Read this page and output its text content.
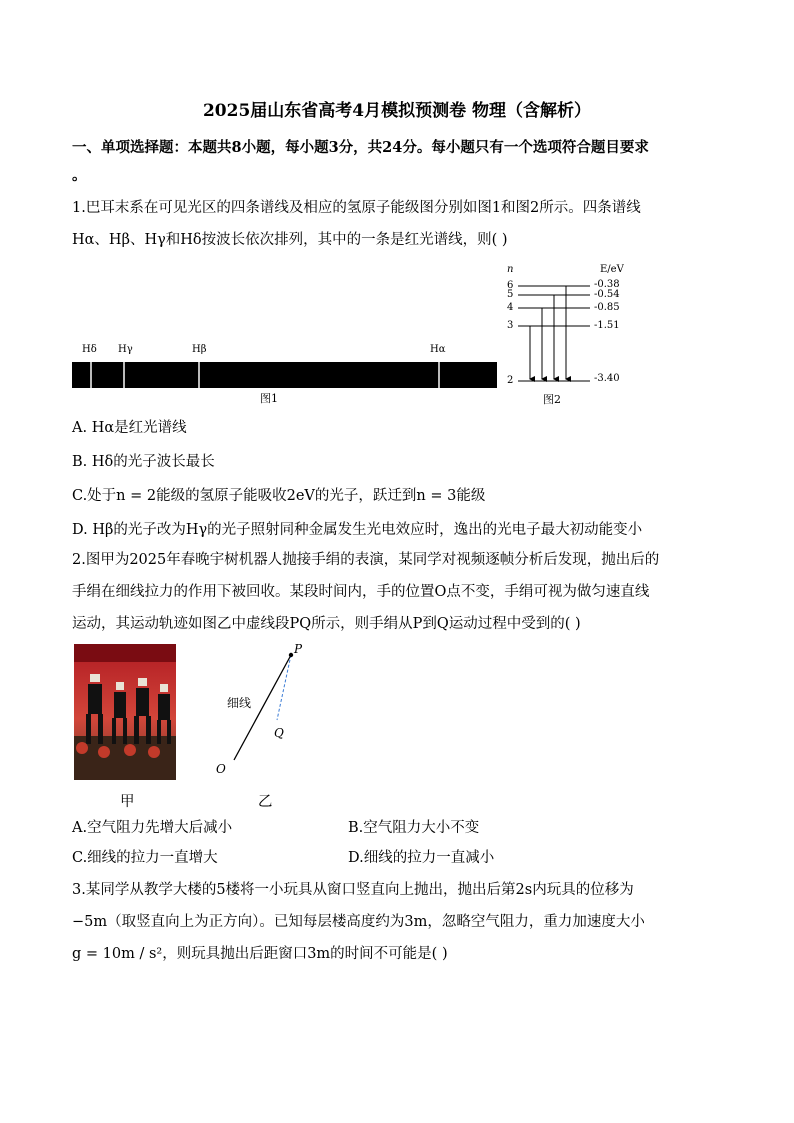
2025届山东省高考4月模拟预测卷 物理（含解析）
一、单项选择题：本题共8小题，每小题3分，共24分。每小题只有一个选项符合题目要求
。
1.巴耳末系在可见光区的四条谱线及相应的氢原子能级图分别如图1和图2所示。四条谱线
Hα、Hβ、Hγ和Hδ按波长依次排列，其中的一条是红光谱线，则( )
Hδ Hγ	Hβ	Hα
图1
n	E/eV
6
5
4
3
2
-0.38
-0.54
-0.85
-1.51
-3.40
图2
A. Hα是红光谱线
B. Hδ的光子波长最长
C.处于n = 2能级的氢原子能吸收2eV的光子，跃迁到n = 3能级
D. Hβ的光子改为Hγ的光子照射同种金属发生光电效应时，逸出的光电子最大初动能变小
2.图甲为2025年春晚宇树机器人抛接手绢的表演，某同学对视频逐帧分析后发现，抛出后的
手绢在细线拉力的作用下被回收。某段时间内，手的位置O点不变，手绢可视为做匀速直线
运动，其运动轨迹如图乙中虚线段PQ所示，则手绢从P到Q运动过程中受到的( )
甲
P
Q
O
细线
乙
A.空气阻力先增大后减小	B.空气阻力大小不变
C.细线的拉力一直增大	D.细线的拉力一直减小
3.某同学从教学大楼的5楼将一小玩具从窗口竖直向上抛出，抛出后第2s内玩具的位移为
−5m（取竖直向上为正方向）。已知每层楼高度约为3m，忽略空气阻力，重力加速度大小
g = 10m / s²，则玩具抛出后距窗口3m的时间不可能是( )
